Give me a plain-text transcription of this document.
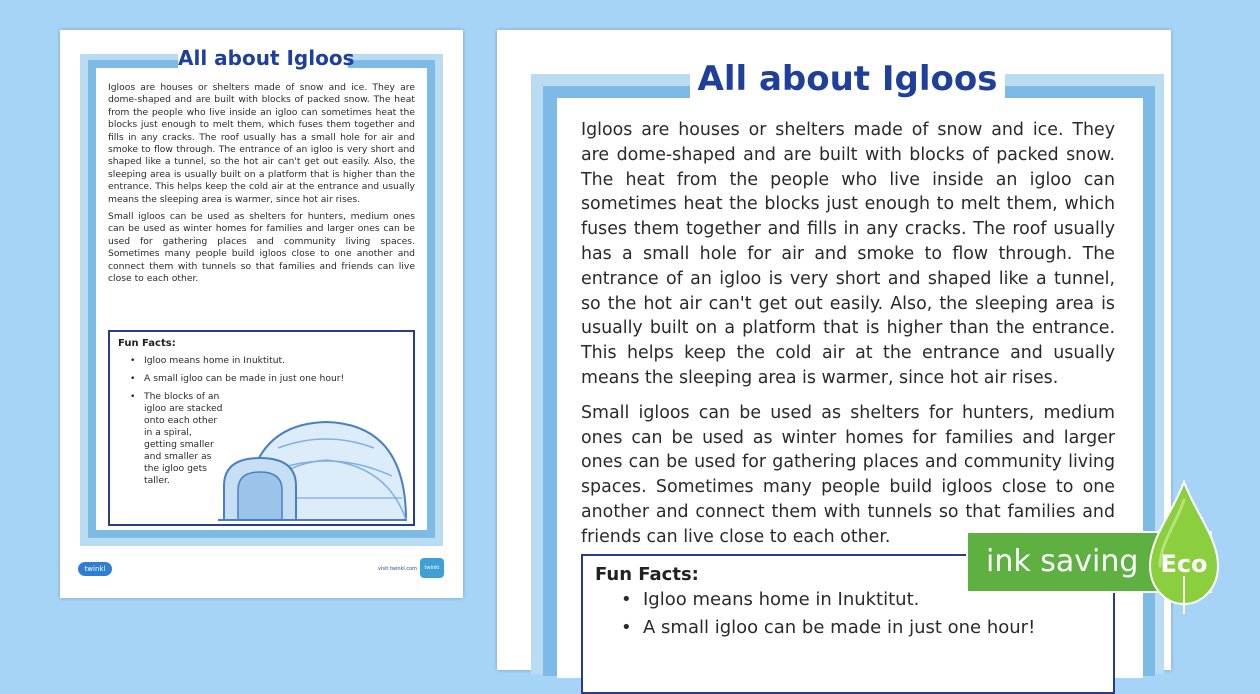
All about Igloos

Igloos are houses or shelters made of snow and ice. They are dome-shaped and are built with blocks of packed snow. The heat from the people who live inside an igloo can sometimes heat the blocks just enough to melt them, which fuses them together and fills in any cracks. The roof usually has a small hole for air and smoke to flow through. The entrance of an igloo is very short and shaped like a tunnel, so the hot air can't get out easily. Also, the sleeping area is usually built on a platform that is higher than the entrance. This helps keep the cold air at the entrance and usually means the sleeping area is warmer, since hot air rises.

Small igloos can be used as shelters for hunters, medium ones can be used as winter homes for families and larger ones can be used for gathering places and community living spaces. Sometimes many people build igloos close to one another and connect them with tunnels so that families and friends can live close to each other.

Fun Facts:
• Igloo means home in Inuktitut.
• A small igloo can be made in just one hour!
• The blocks of an igloo are stacked onto each other in a spiral, getting smaller and smaller as the igloo gets taller.
twinkl	visit twinkl.com	twinkl
All about Igloos

Igloos are houses or shelters made of snow and ice. They are dome-shaped and are built with blocks of packed snow. The heat from the people who live inside an igloo can sometimes heat the blocks just enough to melt them, which fuses them together and fills in any cracks. The roof usually has a small hole for air and smoke to flow through. The entrance of an igloo is very short and shaped like a tunnel, so the hot air can't get out easily. Also, the sleeping area is usually built on a platform that is higher than the entrance. This helps keep the cold air at the entrance and usually means the sleeping area is warmer, since hot air rises.

Small igloos can be used as shelters for hunters, medium ones can be used as winter homes for families and larger ones can be used for gathering places and community living spaces. Sometimes many people build igloos close to one another and connect them with tunnels so that families and friends can live close to each other.

Fun Facts:
• Igloo means home in Inuktitut.
• A small igloo can be made in just one hour!
ink saving Eco
